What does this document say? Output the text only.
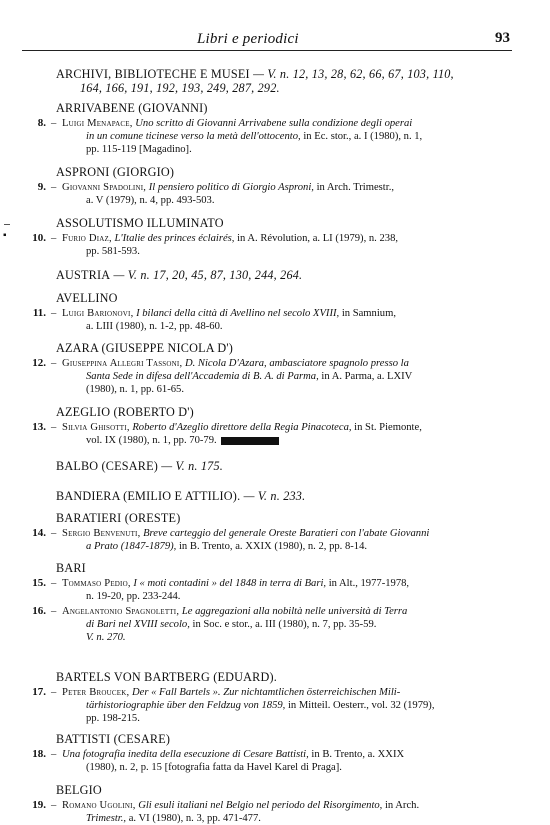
Libri e periodici	93
ARCHIVI, BIBLIOTECHE E MUSEI — V. n. 12, 13, 28, 62, 66, 67, 103, 110,
164, 166, 191, 192, 193, 249, 287, 292.
ARRIVABENE (GIOVANNI)
8. – Luigi Menapace, Uno scritto di Giovanni Arrivabene sulla condizione degli operai
in un comune ticinese verso la metà dell'ottocento, in Ec. stor., a. I (1980), n. 1,
pp. 115-119 [Magadino].
ASPRONI (GIORGIO)
9. – Giovanni Spadolini, Il pensiero politico di Giorgio Asproni, in Arch. Trimestr.,
a. V (1979), n. 4, pp. 493-503.
ASSOLUTISMO ILLUMINATO
▪	10. – Furio Diaz, L'Italie des princes éclairés, in A. Révolution, a. LI (1979), n. 238,
pp. 581-593.
AUSTRIA — V. n. 17, 20, 45, 87, 130, 244, 264.
AVELLINO
11. – Luigi Barionovi, I bilanci della città di Avellino nel secolo XVIII, in Samnium,
a. LIII (1980), n. 1-2, pp. 48-60.
AZARA (GIUSEPPE NICOLA D')
12. – Giuseppina Allegri Tassoni, D. Nicola D'Azara, ambasciatore spagnolo presso la
Santa Sede in difesa dell'Accademia di B. A. di Parma, in A. Parma, a. LXIV
(1980), n. 1, pp. 61-65.
AZEGLIO (ROBERTO D')
13. – Silvia Ghisotti, Roberto d'Azeglio direttore della Regia Pinacoteca, in St. Piemonte,
vol. IX (1980), n. 1, pp. 70-79.
BALBO (CESARE) — V. n. 175.
BANDIERA (EMILIO E ATTILIO). — V. n. 233.
BARATIERI (ORESTE)
14. – Sergio Benvenuti, Breve carteggio del generale Oreste Baratieri con l'abate Giovanni
a Prato (1847-1879), in B. Trento, a. XXIX (1980), n. 2, pp. 8-14.
BARI
15. – Tommaso Pedio, I « moti contadini » del 1848 in terra di Bari, in Alt., 1977-1978,
n. 19-20, pp. 233-244.
16. – Angelantonio Spagnoletti, Le aggregazioni alla nobiltà nelle università di Terra
di Bari nel XVIII secolo, in Soc. e stor., a. III (1980), n. 7, pp. 35-59.
V. n. 270.
BARTELS VON BARTBERG (EDUARD).
17. – Peter Broucek, Der « Fall Bartels ». Zur nichtamtlichen österreichischen Mili-
tärhistoriographie über den Feldzug von 1859, in Mitteil. Oesterr., vol. 32 (1979),
pp. 198-215.
BATTISTI (CESARE)
18. – Una fotografia inedita della esecuzione di Cesare Battisti, in B. Trento, a. XXIX
(1980), n. 2, p. 15 [fotografia fatta da Havel Karel di Praga].
BELGIO
19. – Romano Ugolini, Gli esuli italiani nel Belgio nel periodo del Risorgimento, in Arch.
Trimestr., a. VI (1980), n. 3, pp. 471-477.
